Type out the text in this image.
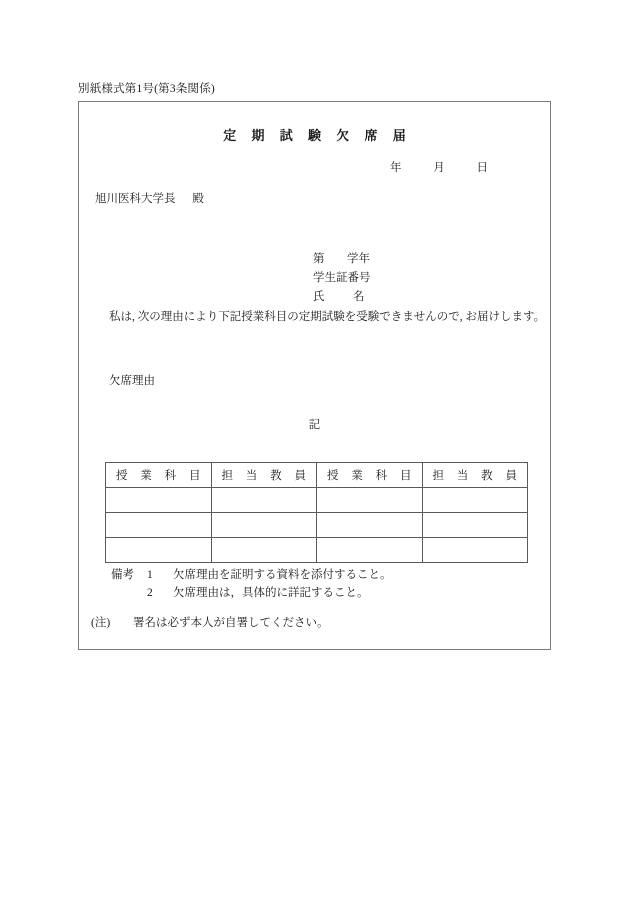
別紙様式第1号(第3条関係)
定 期 試 験 欠 席 届
年	月	日
旭川医科大学長 殿
第 学年
学生証番号
氏 名
私は, 次の理由により下記授業科目の定期試験を受験できませんので, お届けします。
欠席理由
記
授 業 科 目	担 当 教 員	授 業 科 目	担 当 教 員

備考 1 欠席理由を証明する資料を添付すること。
2 欠席理由は，具体的に詳記すること。
(注) 署名は必ず本人が自署してください。
